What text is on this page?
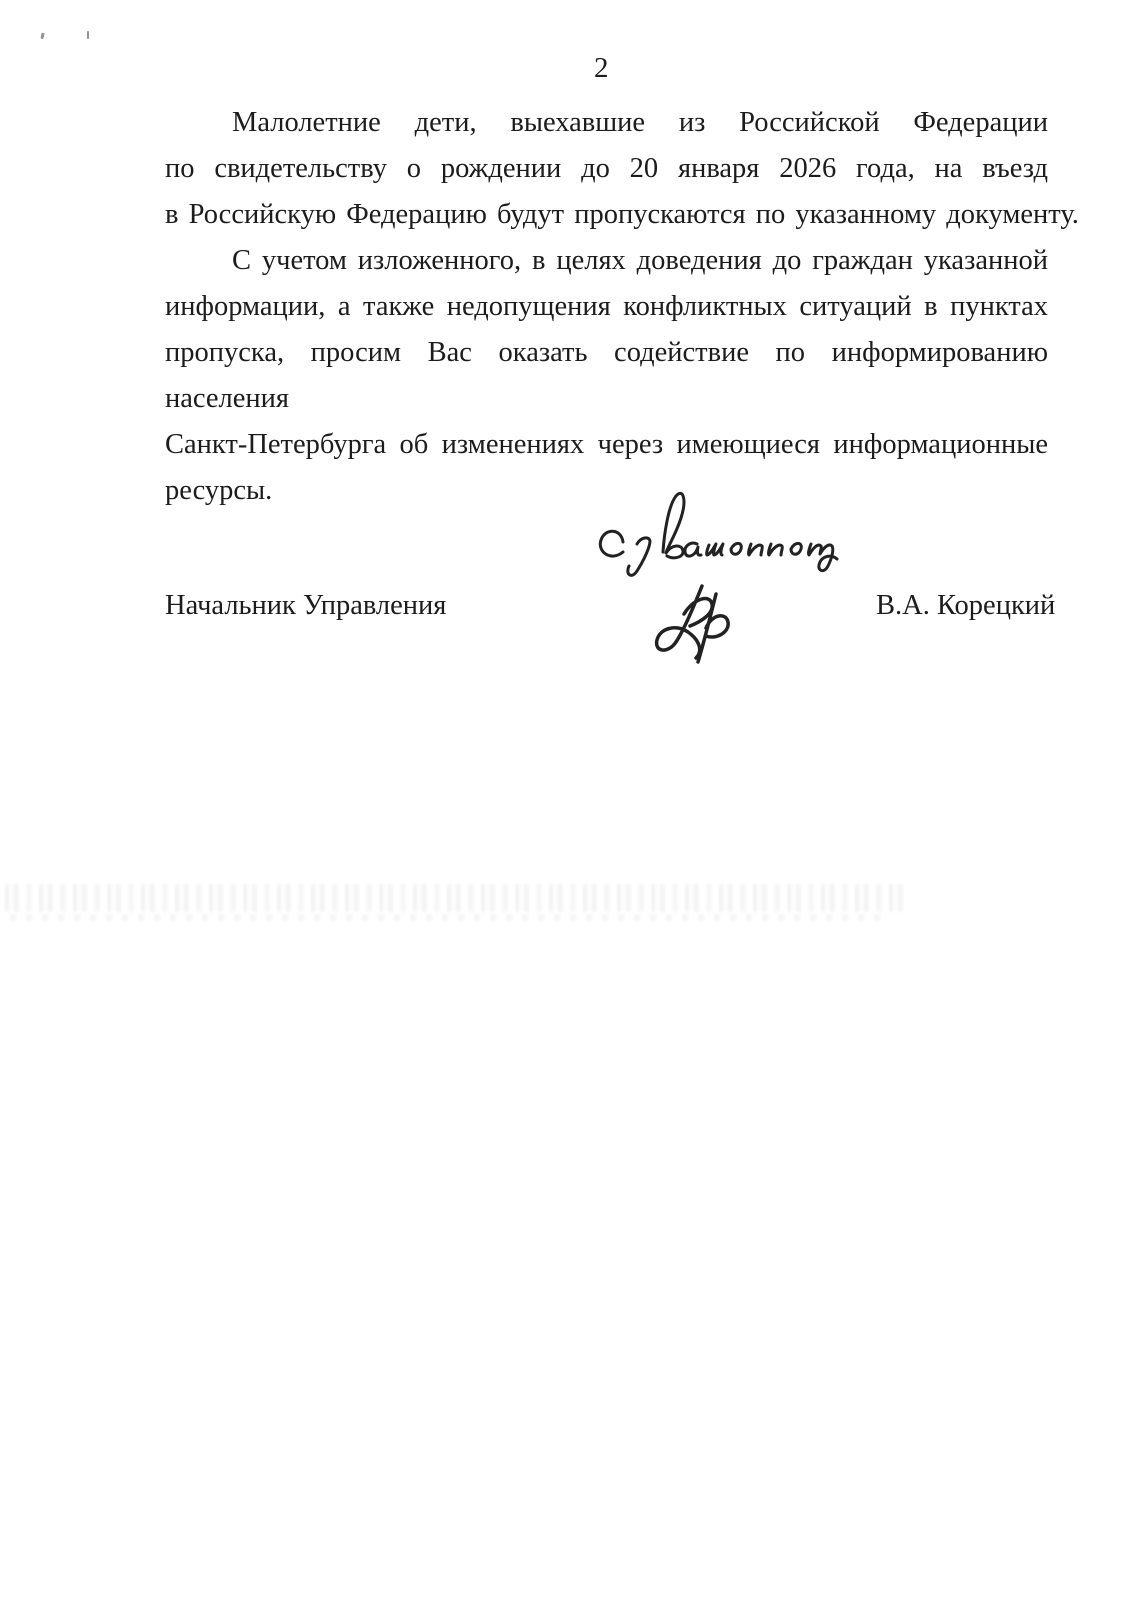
2
Малолетние дети, выехавшие из Российской Федерации
по свидетельству о рождении до 20 января 2026 года, на въезд
в Российскую Федерацию будут пропускаются по указанному документу.
С учетом изложенного, в целях доведения до граждан указанной
информации, а также недопущения конфликтных ситуаций в пунктах
пропуска, просим Вас оказать содействие по информированию населения
Санкт-Петербурга об изменениях через имеющиеся информационные
ресурсы.
Начальник Управления	В.А. Корецкий
